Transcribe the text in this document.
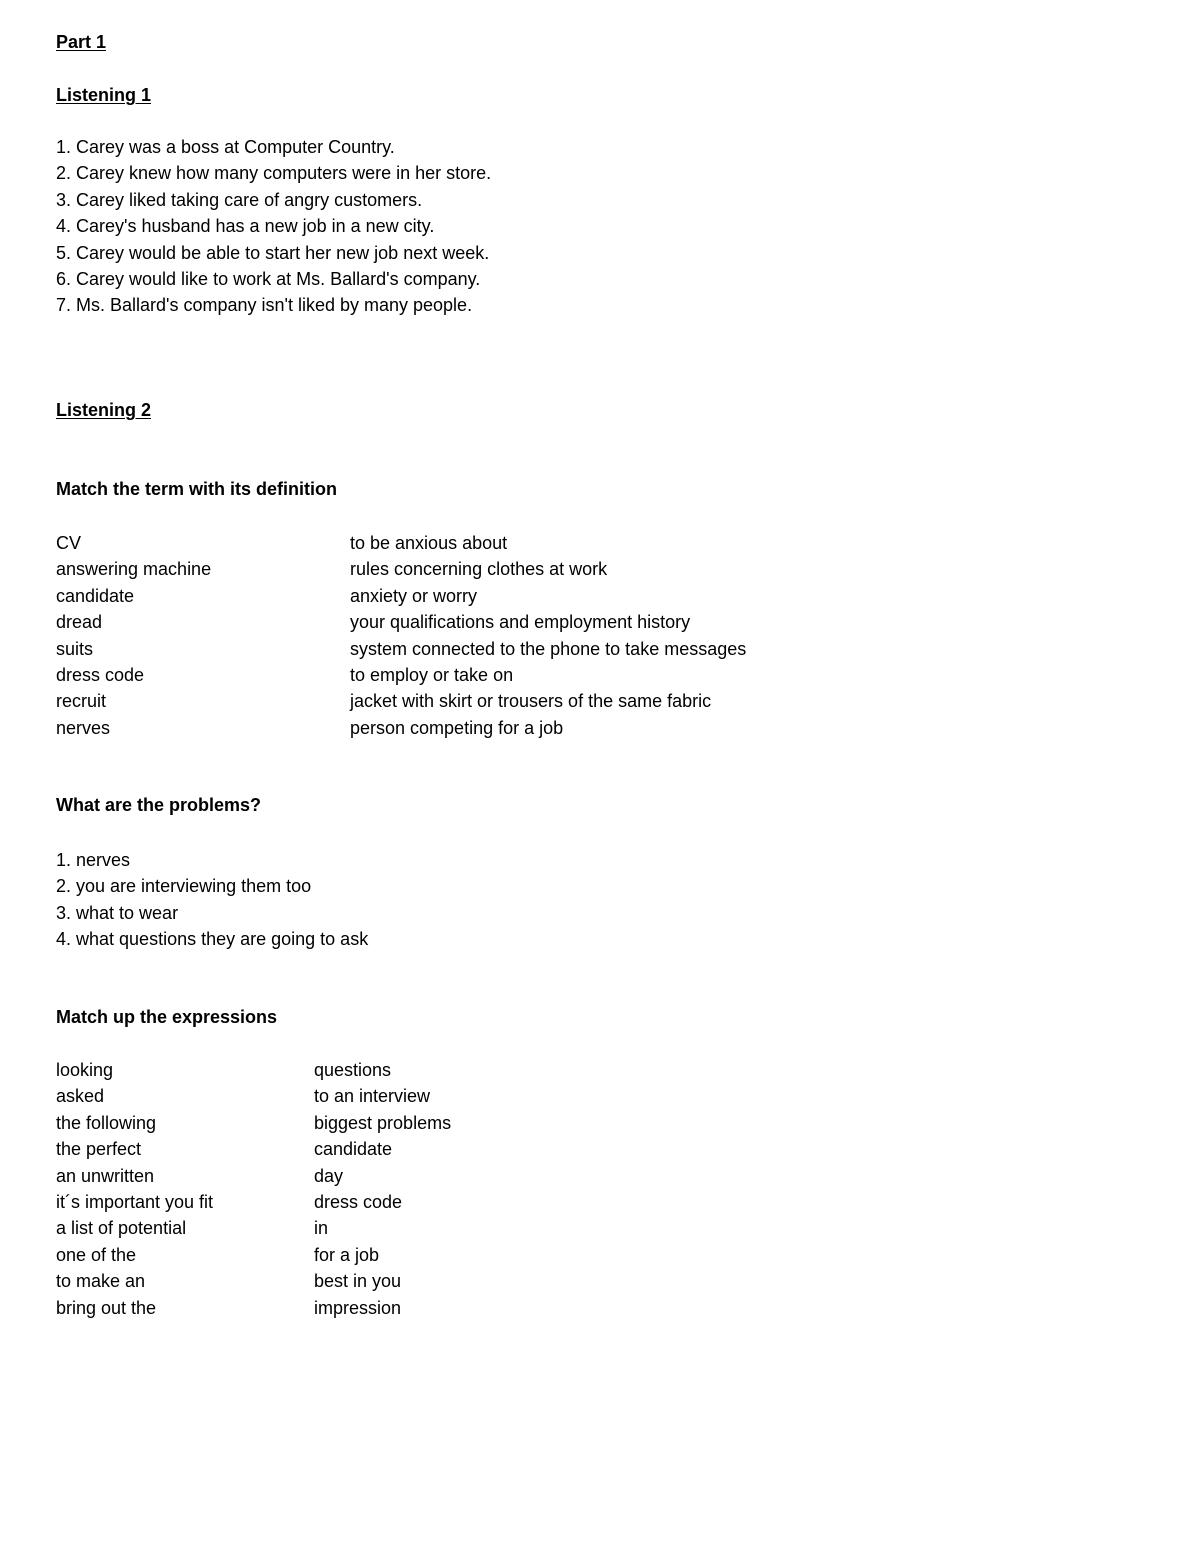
Part 1
Listening 1
1. Carey was a boss at Computer Country.
2. Carey knew how many computers were in her store.
3. Carey liked taking care of angry customers.
4. Carey's husband has a new job in a new city.
5. Carey would be able to start her new job next week.
6. Carey would like to work at Ms. Ballard's company.
7. Ms. Ballard's company isn't liked by many people.
Listening 2
Match the term with its definition
CV	to be anxious about
answering machine	rules concerning clothes at work
candidate	anxiety or worry
dread	your qualifications and employment history
suits	system connected to the phone to take messages
dress code	to employ or take on
recruit	jacket with skirt or trousers of the same fabric
nerves	person competing for a job
What are the problems?
1. nerves
2. you are interviewing them too
3. what to wear
4. what questions they are going to ask
Match up the expressions
looking	questions
asked	to an interview
the following	biggest problems
the perfect	candidate
an unwritten	day
it´s important you fit	dress code
a list of potential	in
one of the	for a job
to make an	best in you
bring out the	impression
